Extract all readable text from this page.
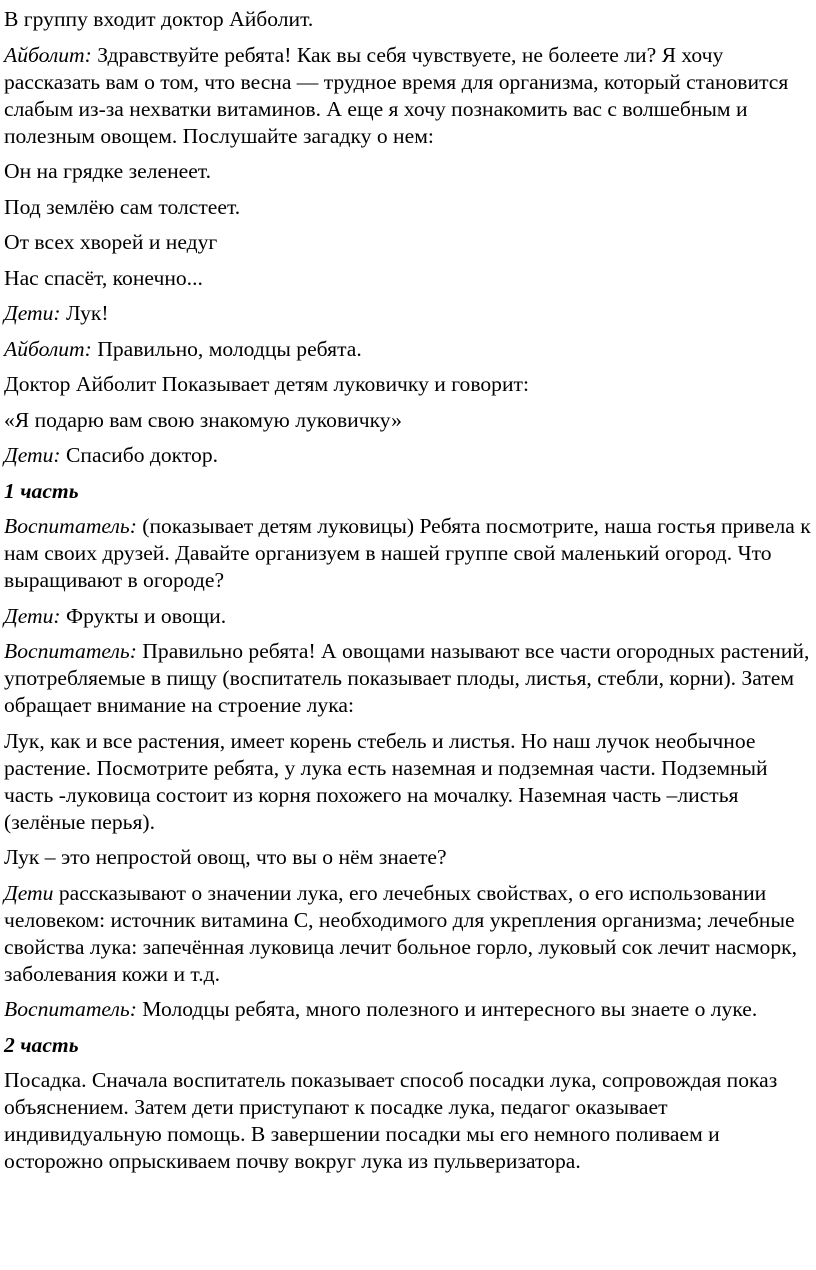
В группу входит доктор Айболит.

Айболит: Здравствуйте ребята! Как вы себя чувствуете, не болеете ли? Я хочу рассказать вам о том, что весна — трудное время для организма, который становится слабым из-за нехватки витаминов. А еще я хочу познакомить вас с волшебным и полезным овощем. Послушайте загадку о нем:

Он на грядке зеленеет.

Под землёю сам толстеет.

От всех хворей и недуг

Нас спасёт, конечно...

Дети: Лук!

Айболит: Правильно, молодцы ребята.

Доктор Айболит Показывает детям луковичку и говорит:

«Я подарю вам свою знакомую луковичку»

Дети: Спасибо доктор.

1 часть

Воспитатель: (показывает детям луковицы) Ребята посмотрите, наша гостья привела к нам своих друзей. Давайте организуем в нашей группе свой маленький огород. Что выращивают в огороде?

Дети: Фрукты и овощи.

Воспитатель: Правильно ребята! А овощами называют все части огородных растений, употребляемые в пищу (воспитатель показывает плоды, листья, стебли, корни). Затем обращает внимание на строение лука:

Лук, как и все растения, имеет корень стебель и листья. Но наш лучок необычное растение. Посмотрите ребята, у лука есть наземная и подземная части. Подземный часть -луковица состоит из корня похожего на мочалку. Наземная часть –листья (зелёные перья).

Лук – это непростой овощ, что вы о нём знаете?

Дети рассказывают о значении лука, его лечебных свойствах, о его использовании человеком: источник витамина С, необходимого для укрепления организма; лечебные свойства лука: запечённая луковица лечит больное горло, луковый сок лечит насморк, заболевания кожи и т.д.

Воспитатель: Молодцы ребята, много полезного и интересного вы знаете о луке.

2 часть

Посадка. Сначала воспитатель показывает способ посадки лука, сопровождая показ объяснением. Затем дети приступают к посадке лука, педагог оказывает индивидуальную помощь. В завершении посадки мы его немного поливаем и осторожно опрыскиваем почву вокруг лука из пульверизатора.
